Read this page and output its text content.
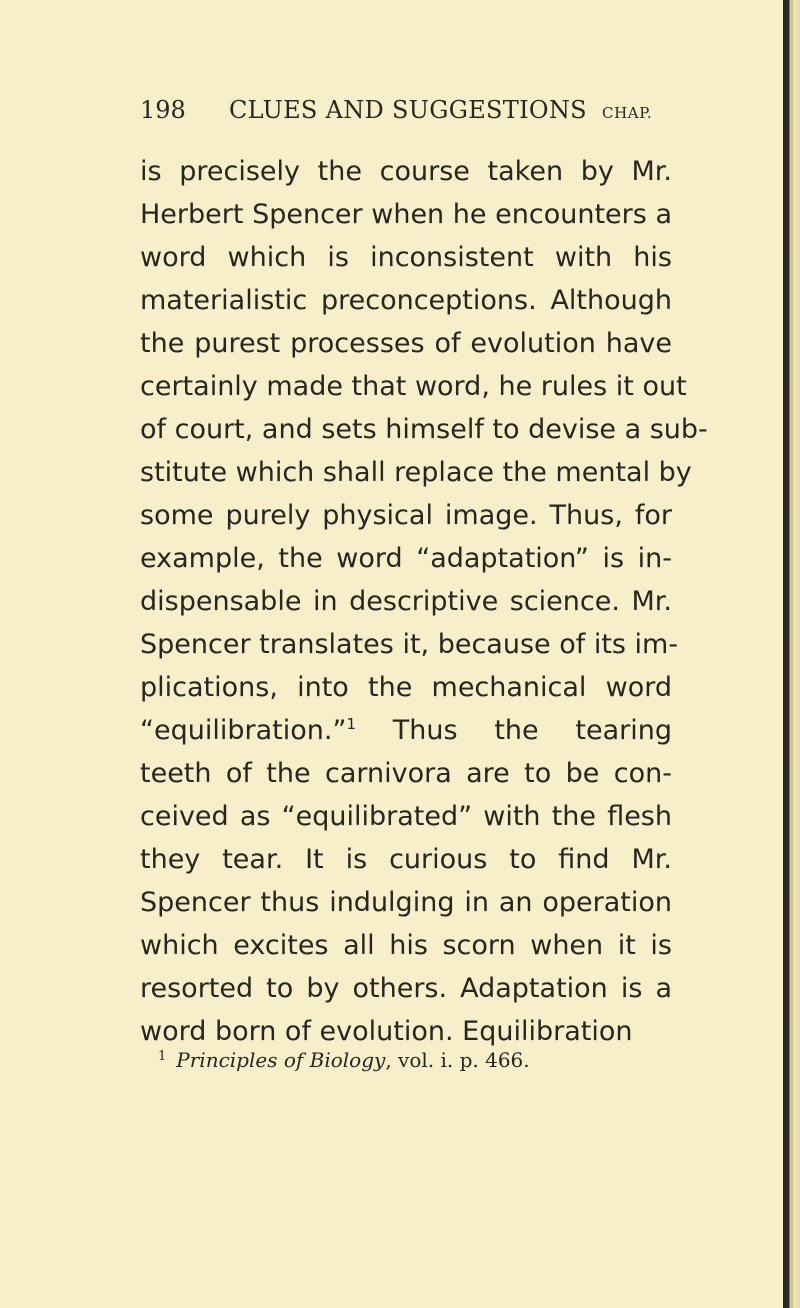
198 CLUES AND SUGGESTIONS CHAP.
is precisely the course taken by Mr.
Herbert Spencer when he encounters a
word which is inconsistent with his
materialistic preconceptions. Although
the purest processes of evolution have
certainly made that word, he rules it out
of court, and sets himself to devise a sub-
stitute which shall replace the mental by
some purely physical image. Thus, for
example, the word “adaptation” is in-
dispensable in descriptive science. Mr.
Spencer translates it, because of its im-
plications, into the mechanical word
“equilibration.”$^1$ Thus the tearing
teeth of the carnivora are to be con-
ceived as “equilibrated” with the flesh
they tear. It is curious to find Mr.
Spencer thus indulging in an operation
which excites all his scorn when it is
resorted to by others. Adaptation is a
word born of evolution. Equilibration
$^1$ Principles of Biology, vol. i. p. 466.
